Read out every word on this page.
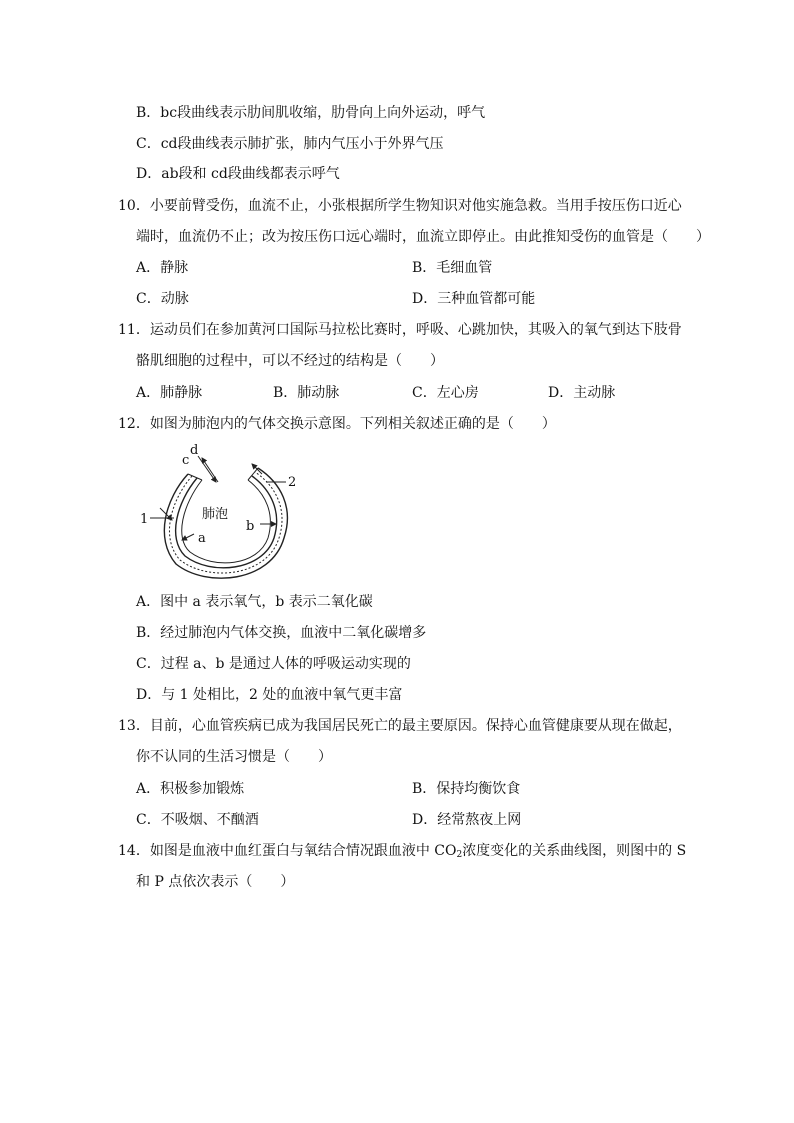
B．bc段曲线表示肋间肌收缩，肋骨向上向外运动，呼气
C．cd段曲线表示肺扩张，肺内气压小于外界气压
D．ab段和 cd段曲线都表示呼气
10．小要前臂受伤，血流不止，小张根据所学生物知识对他实施急救。当用手按压伤口近心
端时，血流仍不止；改为按压伤口远心端时，血流立即停止。由此推知受伤的血管是（　　）
A．静脉	B．毛细血管
C．动脉	D．三种血管都可能
11．运动员们在参加黄河口国际马拉松比赛时，呼吸、心跳加快，其吸入的氧气到达下肢骨
骼肌细胞的过程中，可以不经过的结构是（　　）
A．肺静脉	B．肺动脉	C．左心房	D．主动脉
12．如图为肺泡内的气体交换示意图。下列相关叙述正确的是（　　）
肺泡
1
2
a
b
c
d
A．图中 a 表示氧气，b 表示二氧化碳
B．经过肺泡内气体交换，血液中二氧化碳增多
C．过程 a、b 是通过人体的呼吸运动实现的
D．与 1 处相比，2 处的血液中氧气更丰富
13．目前，心血管疾病已成为我国居民死亡的最主要原因。保持心血管健康要从现在做起，
你不认同的生活习惯是（　　）
A．积极参加锻炼	B．保持均衡饮食
C．不吸烟、不酗酒	D．经常熬夜上网
14．如图是血液中血红蛋白与氧结合情况跟血液中 $CO_2$浓度变化的关系曲线图，则图中的 S
和 P 点依次表示（　　）
